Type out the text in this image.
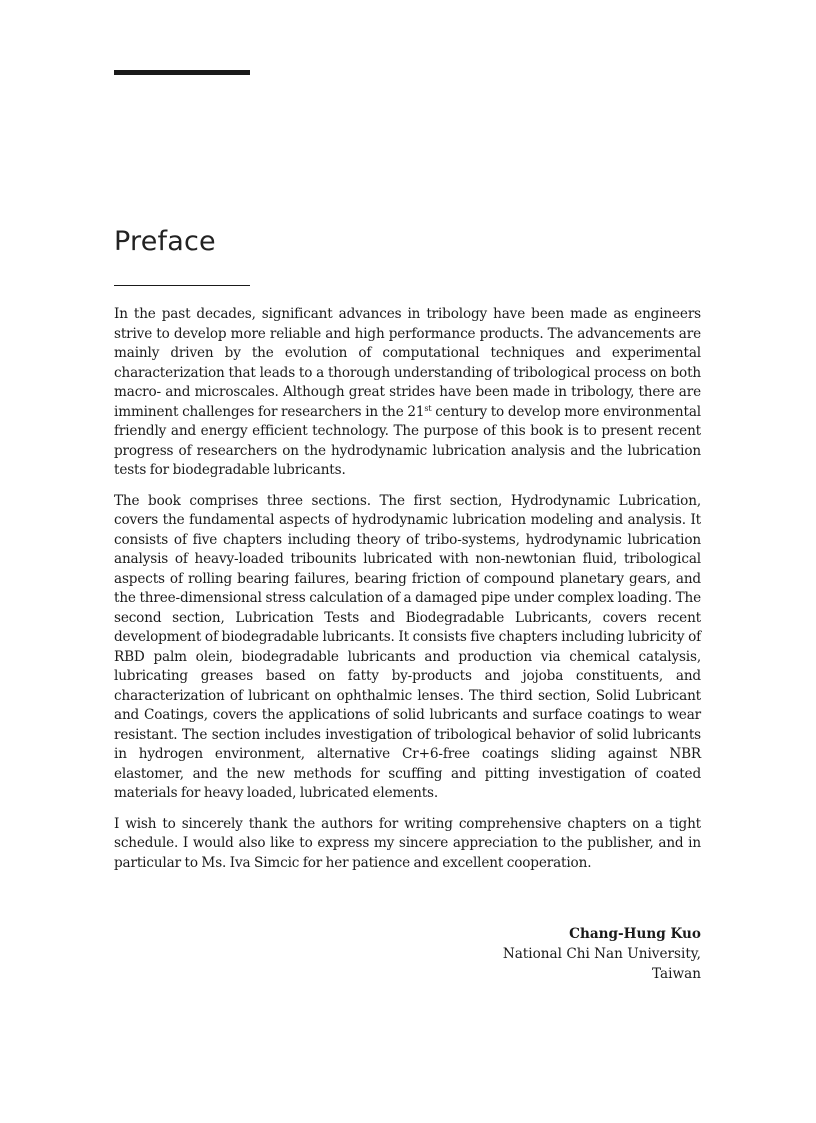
Preface

In the past decades, significant advances in tribology have been made as engineers strive to develop more reliable and high performance products. The advancements are mainly driven by the evolution of computational techniques and experimental characterization that leads to a thorough understanding of tribological process on both macro- and microscales. Although great strides have been made in tribology, there are imminent challenges for researchers in the 21st century to develop more environmental friendly and energy efficient technology. The purpose of this book is to present recent progress of researchers on the hydrodynamic lubrication analysis and the lubrication tests for biodegradable lubricants.

The book comprises three sections. The first section, Hydrodynamic Lubrication, covers the fundamental aspects of hydrodynamic lubrication modeling and analysis. It consists of five chapters including theory of tribo-systems, hydrodynamic lubrication analysis of heavy-loaded tribounits lubricated with non-newtonian fluid, tribological aspects of rolling bearing failures, bearing friction of compound planetary gears, and the three-dimensional stress calculation of a damaged pipe under complex loading. The second section, Lubrication Tests and Biodegradable Lubricants, covers recent development of biodegradable lubricants. It consists five chapters including lubricity of RBD palm olein, biodegradable lubricants and production via chemical catalysis, lubricating greases based on fatty by-products and jojoba constituents, and characterization of lubricant on ophthalmic lenses. The third section, Solid Lubricant and Coatings, covers the applications of solid lubricants and surface coatings to wear resistant. The section includes investigation of tribological behavior of solid lubricants in hydrogen environment, alternative Cr+6-free coatings sliding against NBR elastomer, and the new methods for scuffing and pitting investigation of coated materials for heavy loaded, lubricated elements.

I wish to sincerely thank the authors for writing comprehensive chapters on a tight schedule. I would also like to express my sincere appreciation to the publisher, and in particular to Ms. Iva Simcic for her patience and excellent cooperation.

Chang-Hung Kuo
National Chi Nan University,
Taiwan
